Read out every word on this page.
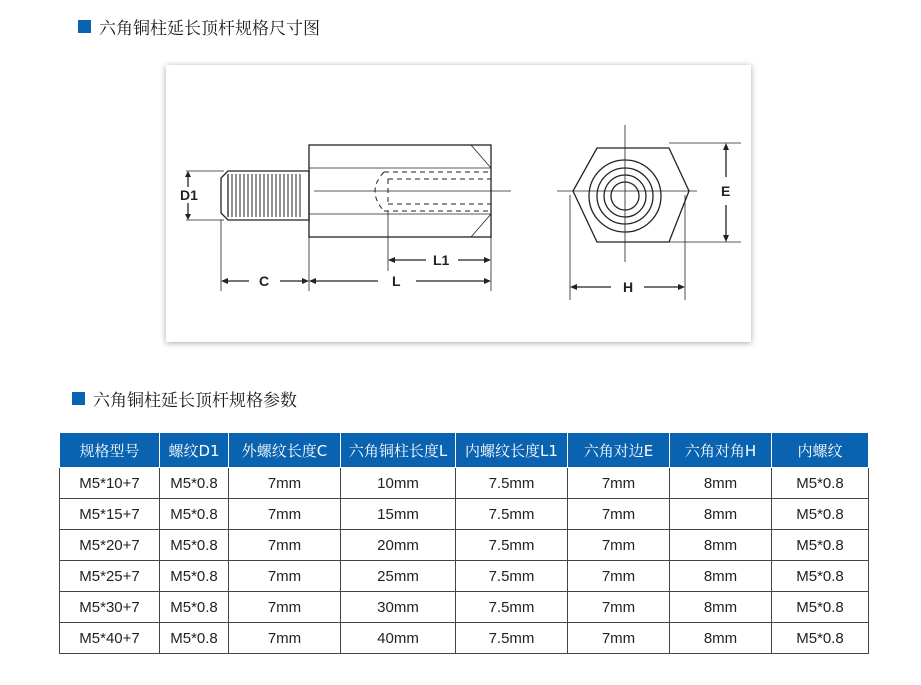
六角铜柱延长顶杆规格尺寸图
D1
C	L
L1
E
H
六角铜柱延长顶杆规格参数
规格型号	螺纹D1	外螺纹长度C	六角铜柱长度L	内螺纹长度L1	六角对边E	六角对角H	内螺纹
M5*10+7	M5*0.8	7mm	10mm	7.5mm	7mm	8mm	M5*0.8
M5*15+7	M5*0.8	7mm	15mm	7.5mm	7mm	8mm	M5*0.8
M5*20+7	M5*0.8	7mm	20mm	7.5mm	7mm	8mm	M5*0.8
M5*25+7	M5*0.8	7mm	25mm	7.5mm	7mm	8mm	M5*0.8
M5*30+7	M5*0.8	7mm	30mm	7.5mm	7mm	8mm	M5*0.8
M5*40+7	M5*0.8	7mm	40mm	7.5mm	7mm	8mm	M5*0.8
